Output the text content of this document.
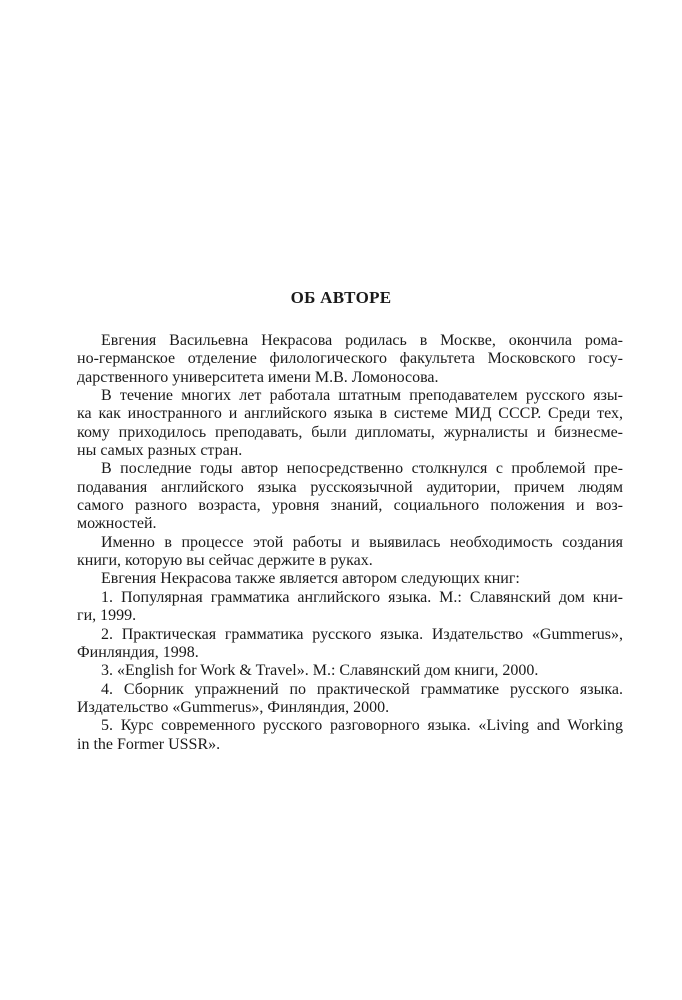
ОБ АВТОРЕ
Евгения Васильевна Некрасова родилась в Москве, окончила рома-
но-германское отделение филологического факультета Московского госу-
дарственного университета имени М.В. Ломоносова.
В течение многих лет работала штатным преподавателем русского язы-
ка как иностранного и английского языка в системе МИД СССР. Среди тех,
кому приходилось преподавать, были дипломаты, журналисты и бизнесме-
ны самых разных стран.
В последние годы автор непосредственно столкнулся с проблемой пре-
подавания английского языка русскоязычной аудитории, причем людям
самого разного возраста, уровня знаний, социального положения и воз-
можностей.
Именно в процессе этой работы и выявилась необходимость создания
книги, которую вы сейчас держите в руках.
Евгения Некрасова также является автором следующих книг:
1. Популярная грамматика английского языка. М.: Славянский дом кни-
ги, 1999.
2. Практическая грамматика русского языка. Издательство «Gummerus»,
Финляндия, 1998.
3. «English for Work & Travel». М.: Славянский дом книги, 2000.
4. Сборник упражнений по практической грамматике русского языка.
Издательство «Gummerus», Финляндия, 2000.
5. Курс современного русского разговорного языка. «Living and Working
in the Former USSR».
